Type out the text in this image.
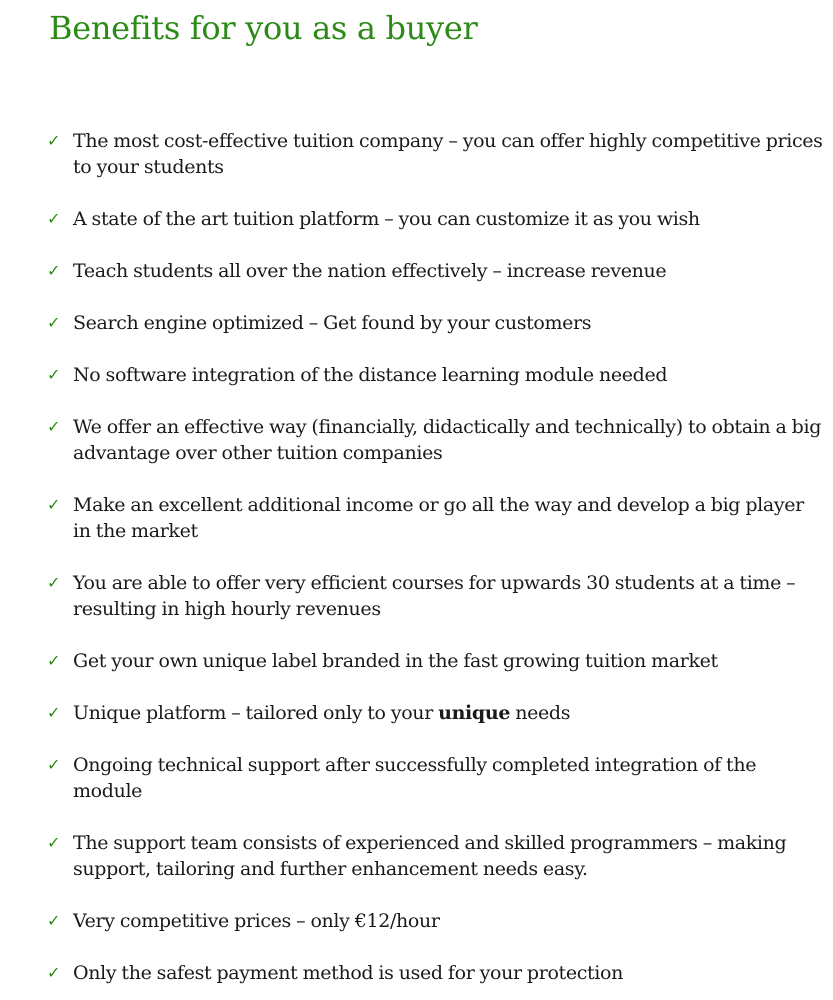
Benefits for you as a buyer
✓ The most cost-effective tuition company – you can offer highly competitive prices to your students
✓ A state of the art tuition platform – you can customize it as you wish
✓ Teach students all over the nation effectively – increase revenue
✓ Search engine optimized – Get found by your customers
✓ No software integration of the distance learning module needed
✓ We offer an effective way (financially, didactically and technically) to obtain a big advantage over other tuition companies
✓ Make an excellent additional income or go all the way and develop a big player in the market
✓ You are able to offer very efficient courses for upwards 30 students at a time – resulting in high hourly revenues
✓ Get your own unique label branded in the fast growing tuition market
✓ Unique platform – tailored only to your unique needs
✓ Ongoing technical support after successfully completed integration of the module
✓ The support team consists of experienced and skilled programmers – making support, tailoring and further enhancement needs easy.
✓ Very competitive prices – only €12/hour
✓ Only the safest payment method is used for your protection
